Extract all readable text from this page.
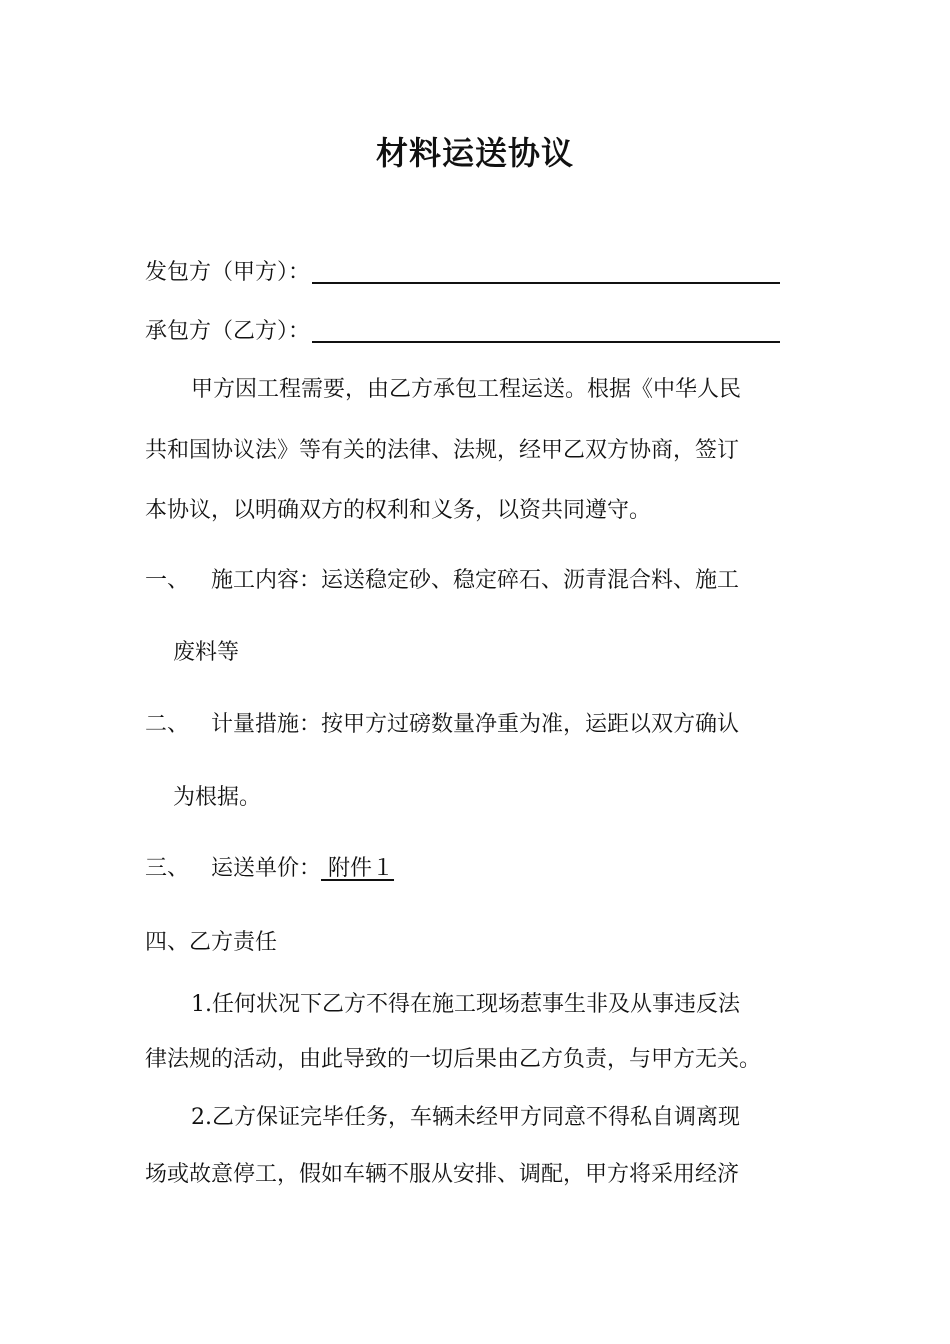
材料运送协议
发包方（甲方）：
承包方（乙方）：
甲方因工程需要，由乙方承包工程运送。根据《中华人民
共和国协议法》等有关的法律、法规，经甲乙双方协商，签订
本协议，以明确双方的权利和义务，以资共同遵守。
一、 施工内容：运送稳定砂、稳定碎石、沥青混合料、施工
废料等
二、 计量措施：按甲方过磅数量净重为准，运距以双方确认
为根据。
三、 运送单价： 附件１
四、乙方责任
1.任何状况下乙方不得在施工现场惹事生非及从事违反法
律法规的活动，由此导致的一切后果由乙方负责，与甲方无关。
2.乙方保证完毕任务，车辆未经甲方同意不得私自调离现
场或故意停工，假如车辆不服从安排、调配，甲方将采用经济
